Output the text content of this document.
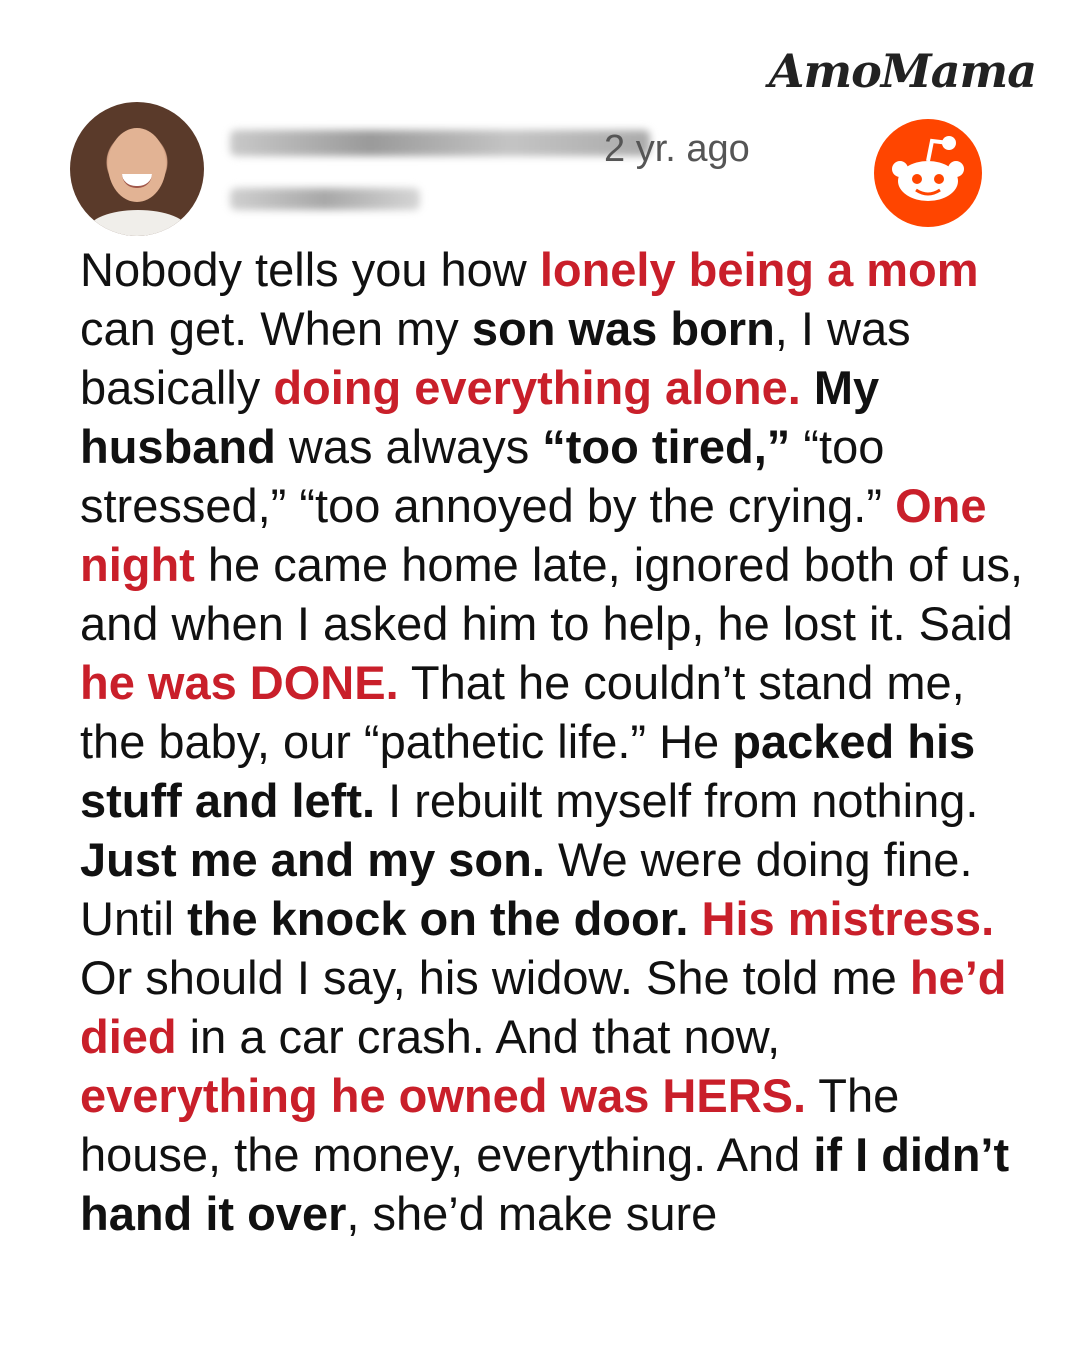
AmoMama
2 yr. ago
Nobody tells you how lonely being a mom can get. When my son was born, I was basically doing everything alone. My husband was always “too tired,” “too stressed,” “too annoyed by the crying.” One night he came home late, ignored both of us, and when I asked him to help, he lost it. Said he was DONE. That he couldn’t stand me, the baby, our “pathetic life.” He packed his stuff and left. I rebuilt myself from nothing. Just me and my son. We were doing fine. Until the knock on the door. His mistress. Or should I say, his widow. She told me he’d died in a car crash. And that now, everything he owned was HERS. The house, the money, everything. And if I didn’t hand it over, she’d make sure
